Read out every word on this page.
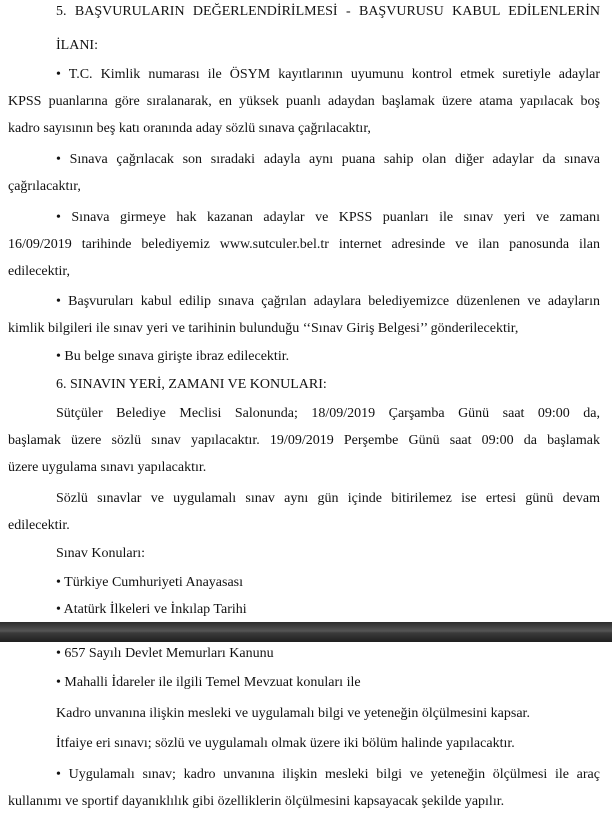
5. BAŞVURULARIN DEĞERLENDİRİLMESİ - BAŞVURUSU KABUL EDİLENLERİN
İLANI:
• T.C. Kimlik numarası ile ÖSYM kayıtlarının uyumunu kontrol etmek suretiyle adaylar
KPSS puanlarına göre sıralanarak, en yüksek puanlı adaydan başlamak üzere atama yapılacak boş
kadro sayısının beş katı oranında aday sözlü sınava çağrılacaktır,
• Sınava çağrılacak son sıradaki adayla aynı puana sahip olan diğer adaylar da sınava
çağrılacaktır,
• Sınava girmeye hak kazanan adaylar ve KPSS puanları ile sınav yeri ve zamanı
16/09/2019 tarihinde belediyemiz www.sutculer.bel.tr internet adresinde ve ilan panosunda ilan
edilecektir,
• Başvuruları kabul edilip sınava çağrılan adaylara belediyemizce düzenlenen ve adayların
kimlik bilgileri ile sınav yeri ve tarihinin bulunduğu ‘‘Sınav Giriş Belgesi’’ gönderilecektir,
• Bu belge sınava girişte ibraz edilecektir.
6. SINAVIN YERİ, ZAMANI VE KONULARI:
Sütçüler Belediye Meclisi Salonunda; 18/09/2019 Çarşamba Günü saat 09:00 da,
başlamak üzere sözlü sınav yapılacaktır. 19/09/2019 Perşembe Günü saat 09:00 da başlamak
üzere uygulama sınavı yapılacaktır.
Sözlü sınavlar ve uygulamalı sınav aynı gün içinde bitirilemez ise ertesi günü devam
edilecektir.
Sınav Konuları:
• Türkiye Cumhuriyeti Anayasası
• Atatürk İlkeleri ve İnkılap Tarihi
• 657 Sayılı Devlet Memurları Kanunu
• Mahalli İdareler ile ilgili Temel Mevzuat konuları ile
Kadro unvanına ilişkin mesleki ve uygulamalı bilgi ve yeteneğin ölçülmesini kapsar.
İtfaiye eri sınavı; sözlü ve uygulamalı olmak üzere iki bölüm halinde yapılacaktır.
• Uygulamalı sınav; kadro unvanına ilişkin mesleki bilgi ve yeteneğin ölçülmesi ile araç
kullanımı ve sportif dayanıklılık gibi özelliklerin ölçülmesini kapsayacak şekilde yapılır.
